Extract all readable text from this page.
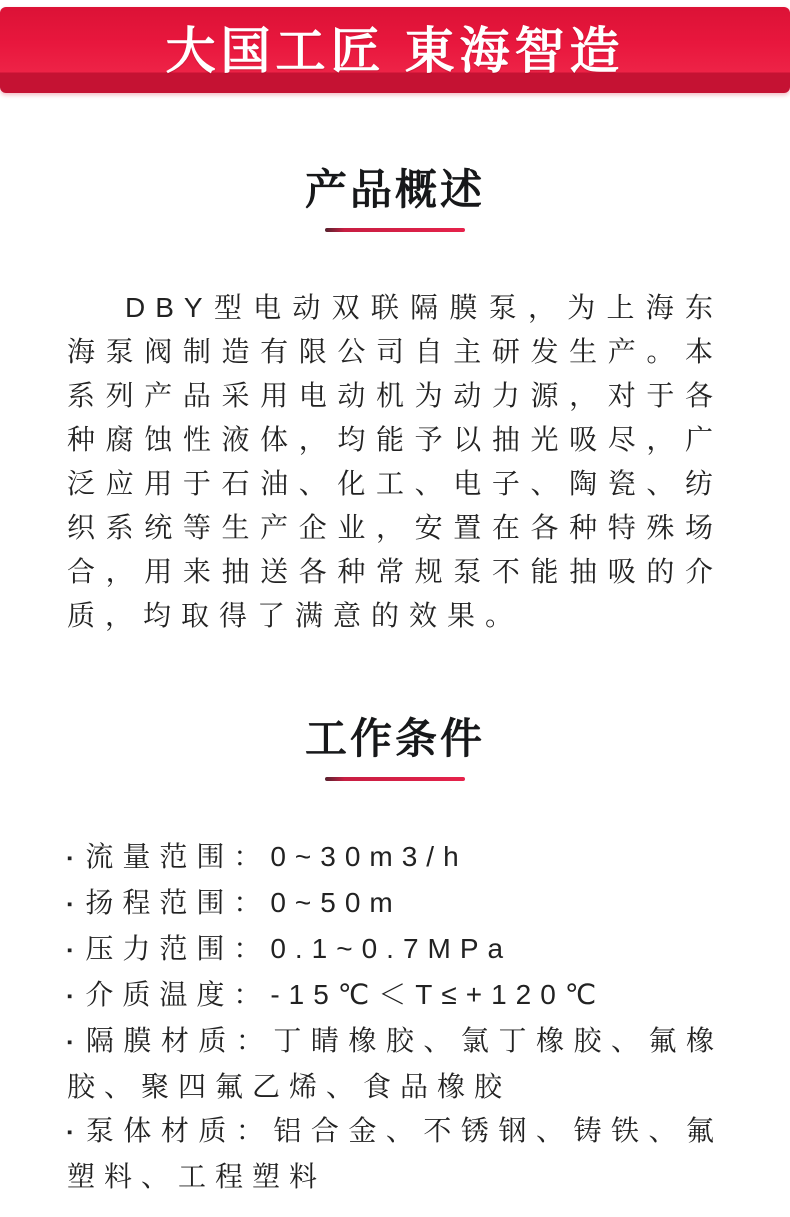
大国工匠 東海智造
产品概述

DBY型电动双联隔膜泵，为上海东海泵阀制造有限公司自主研发生产。本系列产品采用电动机为动力源，对于各种腐蚀性液体，均能予以抽光吸尽，广泛应用于石油、化工、电子、陶瓷、纺织系统等生产企业，安置在各种特殊场合，用来抽送各种常规泵不能抽吸的介质，均取得了满意的效果。

工作条件
▪ 流量范围：0~30m3/h
▪ 扬程范围：0~50m
▪ 压力范围：0.1~0.7MPa
▪ 介质温度：-15℃＜T≤+120℃
▪ 隔膜材质：丁睛橡胶、氯丁橡胶、氟橡胶、聚四氟乙烯、食品橡胶
▪ 泵体材质：铝合金、不锈钢、铸铁、氟塑料、工程塑料
